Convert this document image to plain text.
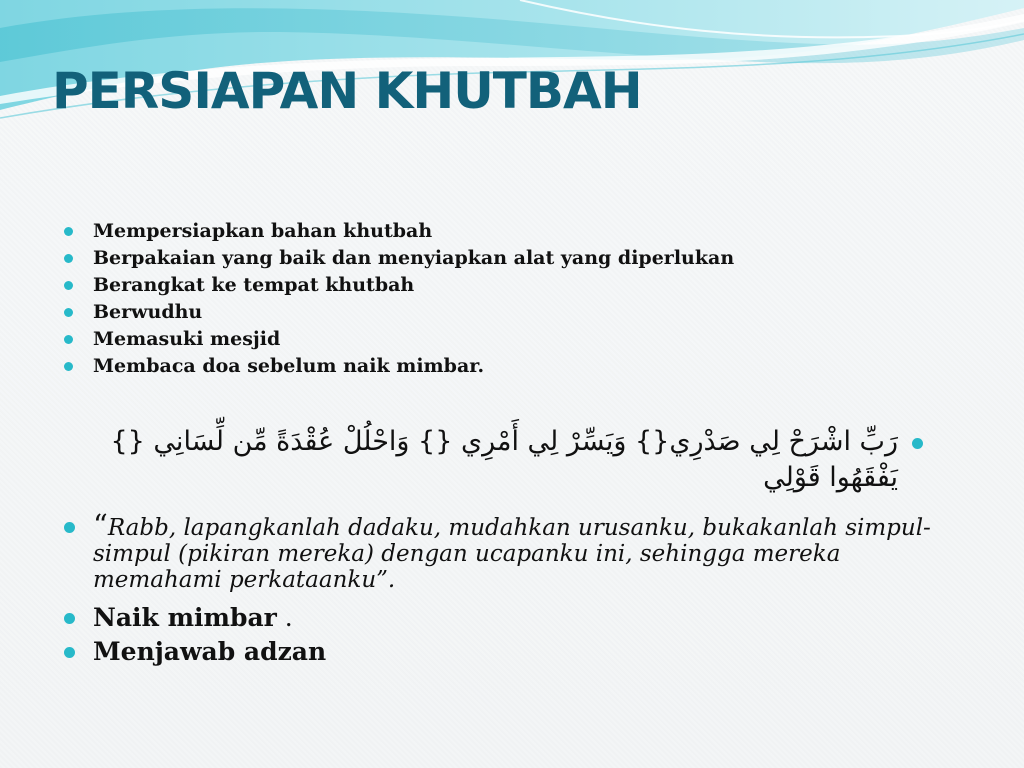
PERSIAPAN KHUTBAH
Mempersiapkan bahan khutbah
Berpakaian yang baik dan menyiapkan alat yang diperlukan
Berangkat ke tempat khutbah
Berwudhu
Memasuki mesjid
Membaca doa sebelum naik mimbar.
رَبِّ اشْرَحْ لِي صَدْرِي{} وَيَسِّرْ لِي أَمْرِي {} وَاحْلُلْ عُقْدَةً مِّن لِّسَانِي {} يَفْقَهُوا قَوْلِي
“Rabb, lapangkanlah dadaku, mudahkan urusanku, bukakanlah simpul-simpul (pikiran mereka) dengan ucapanku ini, sehingga mereka memahami perkataanku”.
Naik mimbar .
Menjawab adzan
